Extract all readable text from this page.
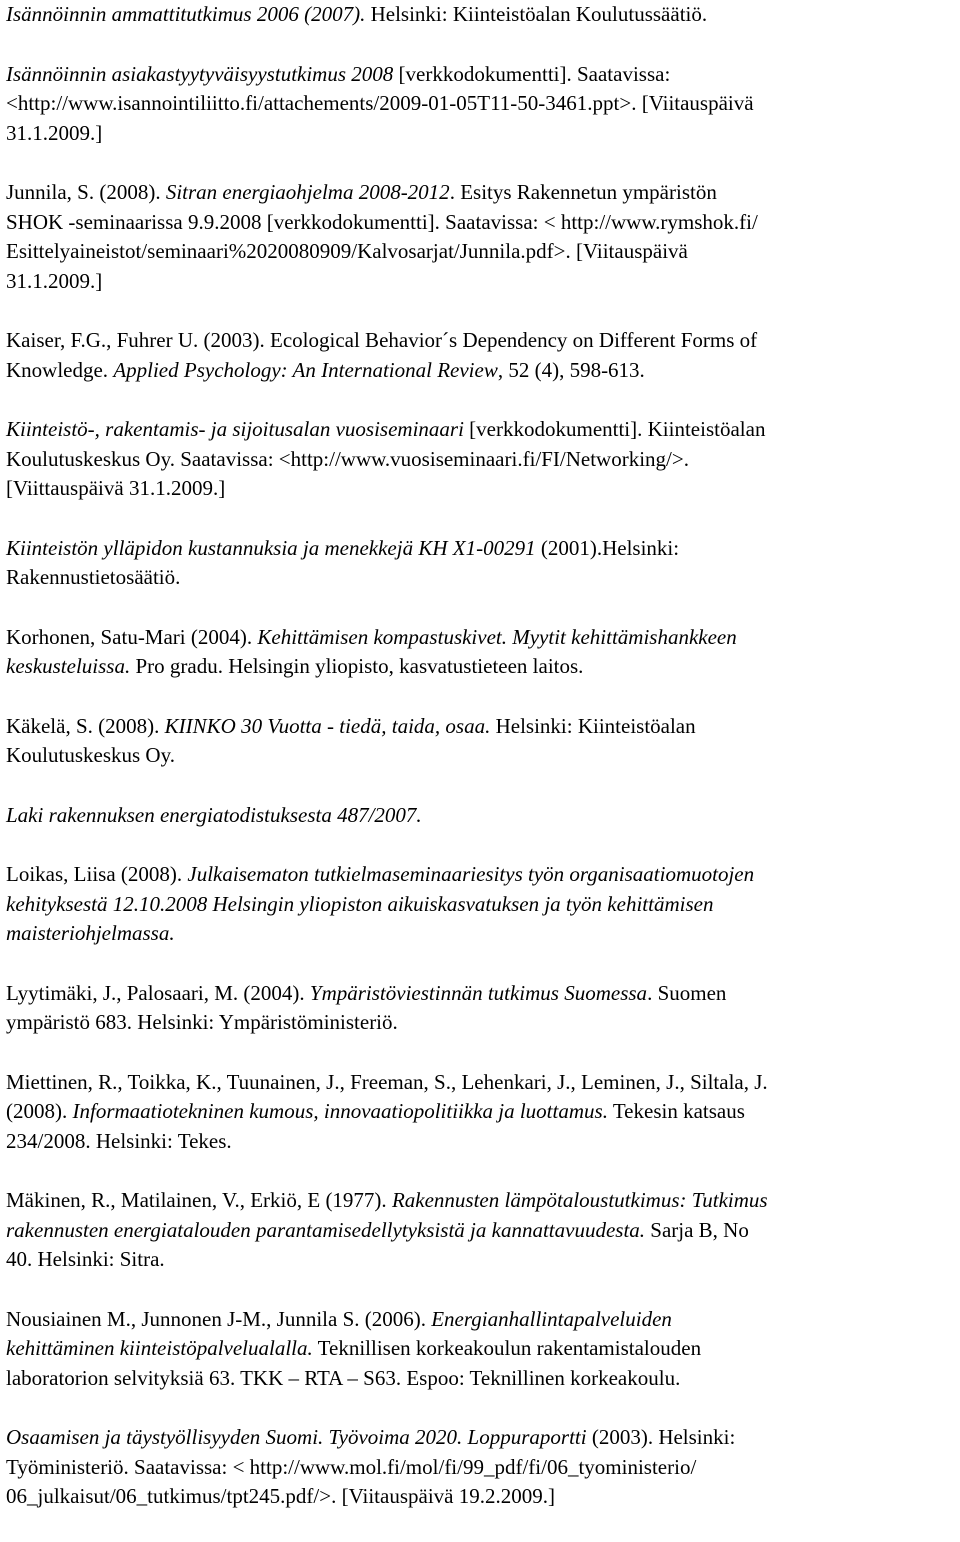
Isännöinnin ammattitutkimus 2006 (2007). Helsinki: Kiinteistöalan Koulutussäätiö.

Isännöinnin asiakastyytyväisyystutkimus 2008 [verkkodokumentti]. Saatavissa:
<http://www.isannointiliitto.fi/attachements/2009-01-05T11-50-3461.ppt>. [Viitauspäivä
31.1.2009.]

Junnila, S. (2008). Sitran energiaohjelma 2008-2012. Esitys Rakennetun ympäristön
SHOK -seminaarissa 9.9.2008 [verkkodokumentti]. Saatavissa: < http://www.rymshok.fi/
Esittelyaineistot/seminaari%2020080909/Kalvosarjat/Junnila.pdf>. [Viitauspäivä
31.1.2009.]

Kaiser, F.G., Fuhrer U. (2003). Ecological Behavior´s Dependency on Different Forms of
Knowledge. Applied Psychology: An International Review, 52 (4), 598-613.

Kiinteistö-, rakentamis- ja sijoitusalan vuosiseminaari [verkkodokumentti]. Kiinteistöalan
Koulutuskeskus Oy. Saatavissa: <http://www.vuosiseminaari.fi/FI/Networking/>.
[Viittauspäivä 31.1.2009.]

Kiinteistön ylläpidon kustannuksia ja menekkejä KH X1-00291 (2001).Helsinki:
Rakennustietosäätiö.

Korhonen, Satu-Mari (2004). Kehittämisen kompastuskivet. Myytit kehittämishankkeen
keskusteluissa. Pro gradu. Helsingin yliopisto, kasvatustieteen laitos.

Käkelä, S. (2008). KIINKO 30 Vuotta - tiedä, taida, osaa. Helsinki: Kiinteistöalan
Koulutuskeskus Oy.

Laki rakennuksen energiatodistuksesta 487/2007.

Loikas, Liisa (2008). Julkaisematon tutkielmaseminaariesitys työn organisaatiomuotojen
kehityksestä 12.10.2008 Helsingin yliopiston aikuiskasvatuksen ja työn kehittämisen
maisteriohjelmassa.

Lyytimäki, J., Palosaari, M. (2004). Ympäristöviestinnän tutkimus Suomessa. Suomen
ympäristö 683. Helsinki: Ympäristöministeriö.

Miettinen, R., Toikka, K., Tuunainen, J., Freeman, S., Lehenkari, J., Leminen, J., Siltala, J.
(2008). Informaatiotekninen kumous, innovaatiopolitiikka ja luottamus. Tekesin katsaus
234/2008. Helsinki: Tekes.

Mäkinen, R., Matilainen, V., Erkiö, E (1977). Rakennusten lämpötaloustutkimus: Tutkimus
rakennusten energiatalouden parantamisedellytyksistä ja kannattavuudesta. Sarja B, No
40. Helsinki: Sitra.

Nousiainen M., Junnonen J-M., Junnila S. (2006). Energianhallintapalveluiden
kehittäminen kiinteistöpalvelualalla. Teknillisen korkeakoulun rakentamistalouden
laboratorion selvityksiä 63. TKK – RTA – S63. Espoo: Teknillinen korkeakoulu.

Osaamisen ja täystyöllisyyden Suomi. Työvoima 2020. Loppuraportti (2003). Helsinki:
Työministeriö. Saatavissa: < http://www.mol.fi/mol/fi/99_pdf/fi/06_tyoministerio/
06_julkaisut/06_tutkimus/tpt245.pdf/>. [Viitauspäivä 19.2.2009.]
